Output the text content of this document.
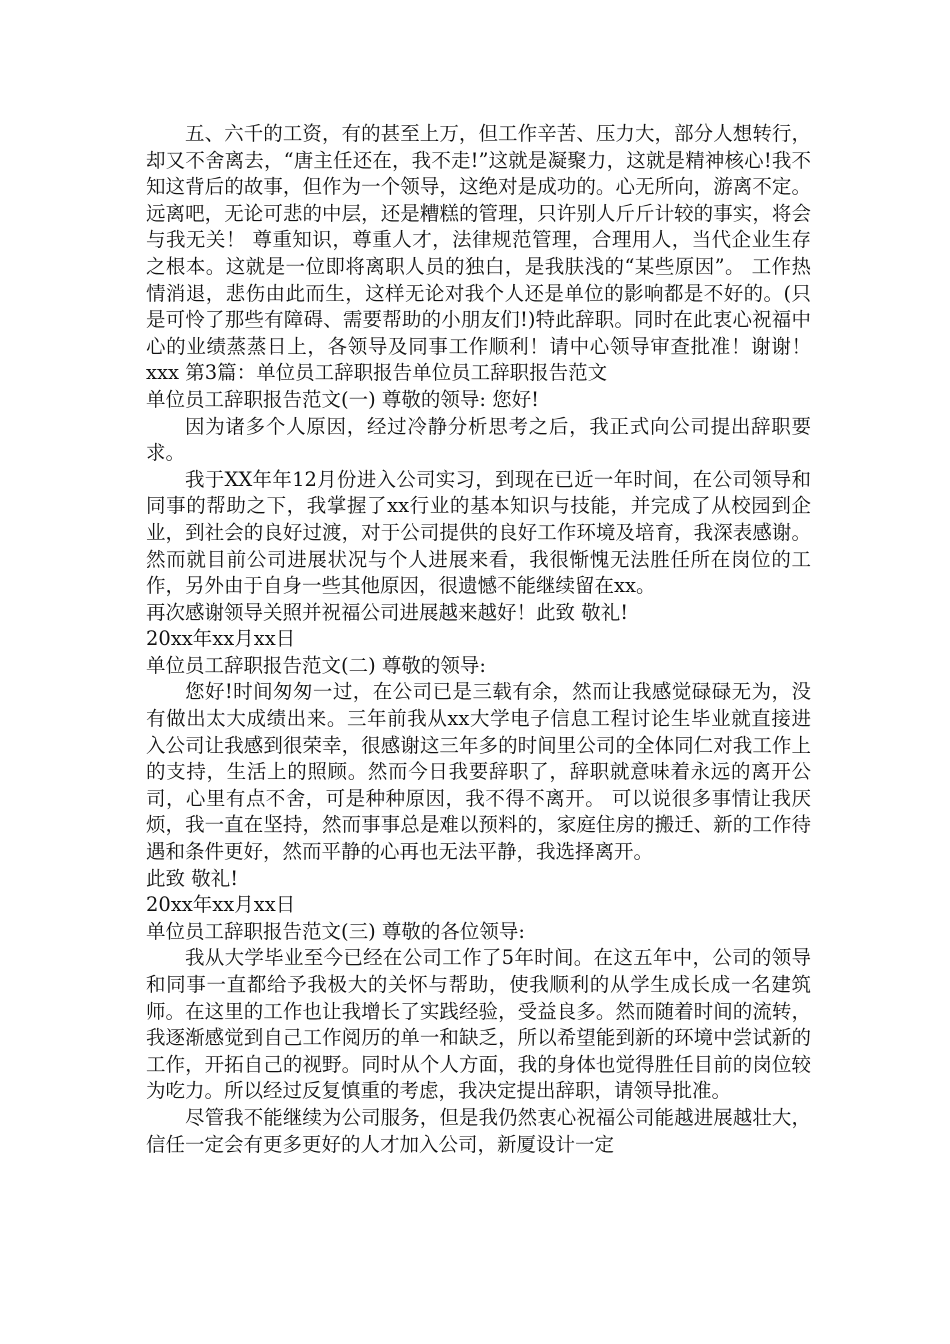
五、六千的工资，有的甚至上万，但工作辛苦、压力大，部分人想转行，却又不舍离去，“唐主任还在，我不走!”这就是凝聚力，这就是精神核心!我不知这背后的故事，但作为一个领导，这绝对是成功的。心无所向，游离不定。远离吧，无论可悲的中层，还是糟糕的管理，只许别人斤斤计较的事实，将会与我无关！ 尊重知识，尊重人才，法律规范管理，合理用人，当代企业生存之根本。这就是一位即将离职人员的独白，是我肤浅的“某些原因”。 工作热情消退，悲伤由此而生，这样无论对我个人还是单位的影响都是不好的。(只是可怜了那些有障碍、需要帮助的小朋友们!)特此辞职。同时在此衷心祝福中心的业绩蒸蒸日上，各领导及同事工作顺利！请中心领导审查批准！谢谢！xxx 第3篇：单位员工辞职报告单位员工辞职报告范文

单位员工辞职报告范文(一) 尊敬的领导: 您好!

因为诸多个人原因，经过冷静分析思考之后，我正式向公司提出辞职要求。

我于XX年年12月份进入公司实习，到现在已近一年时间，在公司领导和同事的帮助之下，我掌握了xx行业的基本知识与技能，并完成了从校园到企业，到社会的良好过渡，对于公司提供的良好工作环境及培育，我深表感谢。然而就目前公司进展状况与个人进展来看，我很惭愧无法胜任所在岗位的工作，另外由于自身一些其他原因，很遗憾不能继续留在xx。

再次感谢领导关照并祝福公司进展越来越好！此致 敬礼!

20xx年xx月xx日

单位员工辞职报告范文(二) 尊敬的领导:

您好!时间匆匆一过，在公司已是三载有余，然而让我感觉碌碌无为，没有做出太大成绩出来。三年前我从xx大学电子信息工程讨论生毕业就直接进入公司让我感到很荣幸，很感谢这三年多的时间里公司的全体同仁对我工作上的支持，生活上的照顾。然而今日我要辞职了，辞职就意味着永远的离开公司，心里有点不舍，可是种种原因，我不得不离开。 可以说很多事情让我厌烦，我一直在坚持，然而事事总是难以预料的，家庭住房的搬迁、新的工作待遇和条件更好，然而平静的心再也无法平静，我选择离开。

此致 敬礼!

20xx年xx月xx日

单位员工辞职报告范文(三) 尊敬的各位领导:

我从大学毕业至今已经在公司工作了5年时间。在这五年中，公司的领导和同事一直都给予我极大的关怀与帮助，使我顺利的从学生成长成一名建筑师。在这里的工作也让我增长了实践经验，受益良多。然而随着时间的流转，我逐渐感觉到自己工作阅历的单一和缺乏，所以希望能到新的环境中尝试新的工作，开拓自己的视野。同时从个人方面，我的身体也觉得胜任目前的岗位较为吃力。所以经过反复慎重的考虑，我决定提出辞职，请领导批准。

尽管我不能继续为公司服务，但是我仍然衷心祝福公司能越进展越壮大，信任一定会有更多更好的人才加入公司，新厦设计一定
